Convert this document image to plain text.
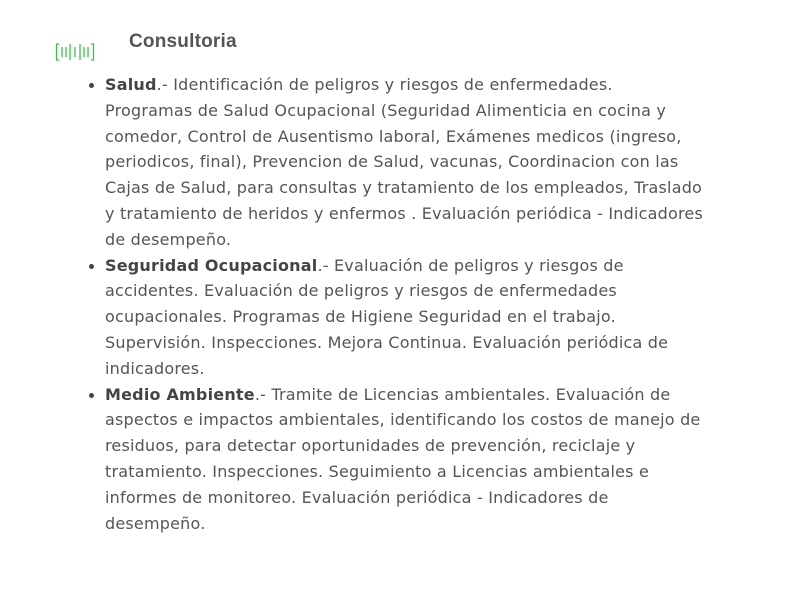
Consultoria
• Salud.- Identificación de peligros y riesgos de enfermedades. Programas de Salud Ocupacional (Seguridad Alimenticia en cocina y comedor, Control de Ausentismo laboral, Exámenes medicos (ingreso, periodicos, final), Prevencion de Salud, vacunas, Coordinacion con las Cajas de Salud, para consultas y tratamiento de los empleados, Traslado y tratamiento de heridos y enfermos . Evaluación periódica - Indicadores de desempeño.
• Seguridad Ocupacional.- Evaluación de peligros y riesgos de accidentes. Evaluación de peligros y riesgos de enfermedades ocupacionales. Programas de Higiene Seguridad en el trabajo. Supervisión. Inspecciones. Mejora Continua. Evaluación periódica de indicadores.
• Medio Ambiente.- Tramite de Licencias ambientales. Evaluación de aspectos e impactos ambientales, identificando los costos de manejo de residuos, para detectar oportunidades de prevención, reciclaje y tratamiento. Inspecciones. Seguimiento a Licencias ambientales e informes de monitoreo. Evaluación periódica - Indicadores de desempeño.
